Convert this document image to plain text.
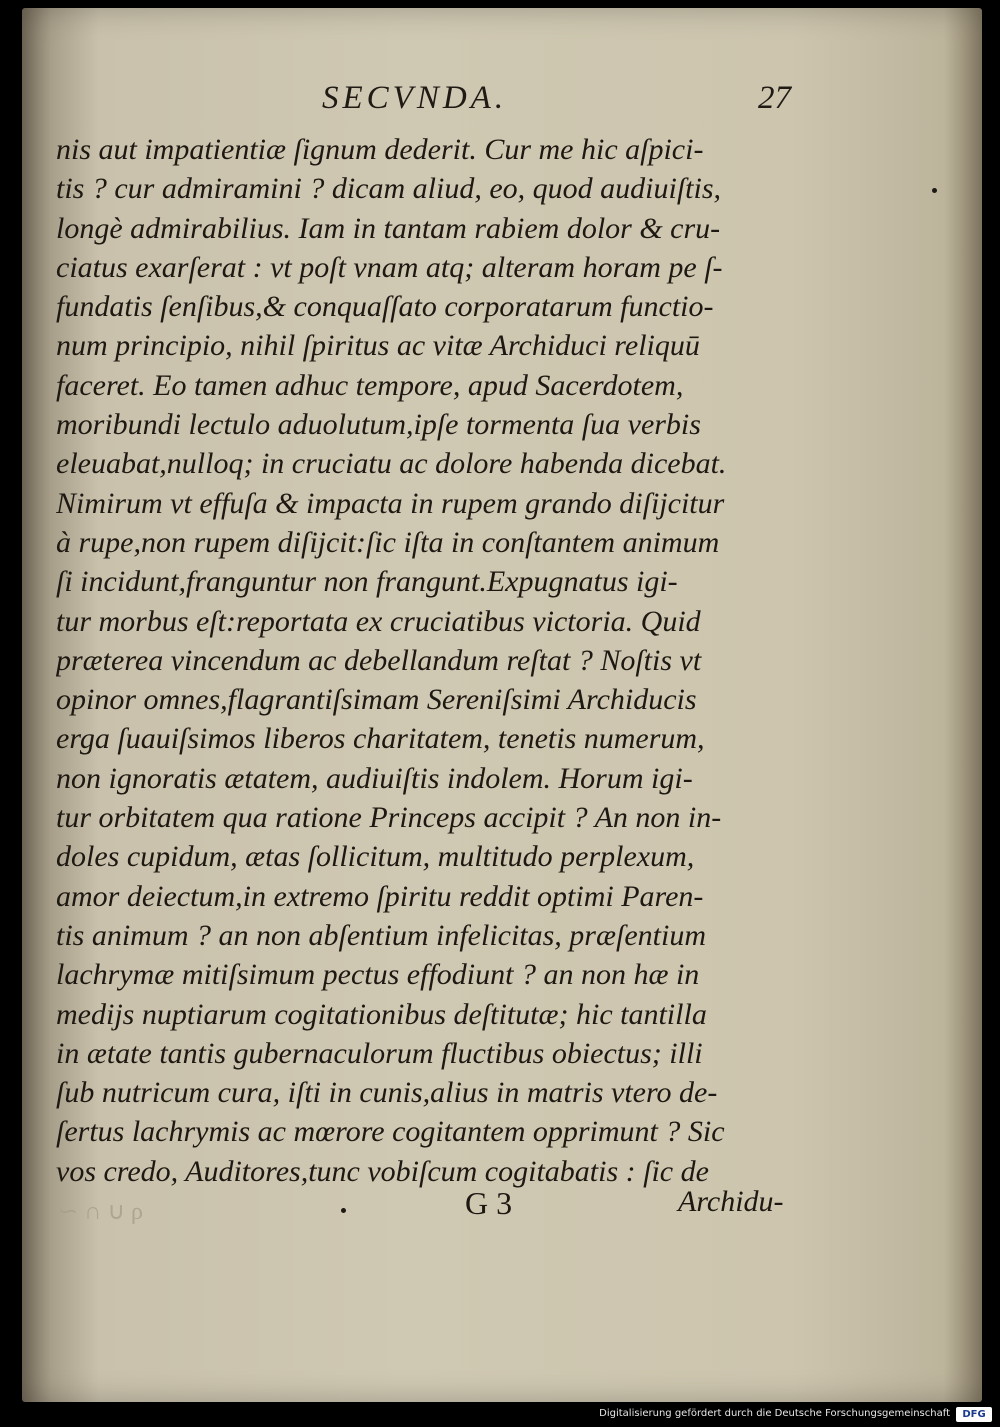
SECVNDA.	27
nis aut impatientiæ ſignum dederit. Cur me hic aſpici-
tis ? cur admiramini ? dicam aliud, eo, quod audiuiſtis,
longè admirabilius. Iam in tantam rabiem dolor & cru-
ciatus exarſerat : vt poſt vnam atq; alteram horam pe ſ-
fundatis ſenſibus,& conquaſſato corporatarum functio-
num principio, nihil ſpiritus ac vitæ Archiduci reliquū
faceret. Eo tamen adhuc tempore, apud Sacerdotem,
moribundi lectulo aduolutum,ipſe tormenta ſua verbis
eleuabat,nulloq; in cruciatu ac dolore habenda dicebat.
Nimirum vt effuſa & impacta in rupem grando diſijcitur
à rupe,non rupem diſijcit:ſic iſta in conſtantem animum
ſi incidunt,franguntur non frangunt.Expugnatus igi-
tur morbus eſt:reportata ex cruciatibus victoria. Quid
præterea vincendum ac debellandum reſtat ? Noſtis vt
opinor omnes,flagrantiſsimam Sereniſsimi Archiducis
erga ſuauiſsimos liberos charitatem, tenetis numerum,
non ignoratis ætatem, audiuiſtis indolem. Horum igi-
tur orbitatem qua ratione Princeps accipit ? An non in-
doles cupidum, ætas ſollicitum, multitudo perplexum,
amor deiectum,in extremo ſpiritu reddit optimi Paren-
tis animum ? an non abſentium infelicitas, præſentium
lachrymæ mitiſsimum pectus effodiunt ? an non hæ in
medijs nuptiarum cogitationibus deſtitutæ; hic tantilla
in ætate tantis gubernaculorum fluctibus obiectus; illi
ſub nutricum cura, iſti in cunis,alius in matris vtero de-
ſertus lachrymis ac mœrore cogitantem opprimunt ? Sic
vos credo, Auditores,tunc vobiſcum cogitabatis : ſic de
∽ ∩ ∪ ρ	G 3	Archidu-
Digitalisierung gefördert durch die Deutsche Forschungsgemeinschaft	DFG
